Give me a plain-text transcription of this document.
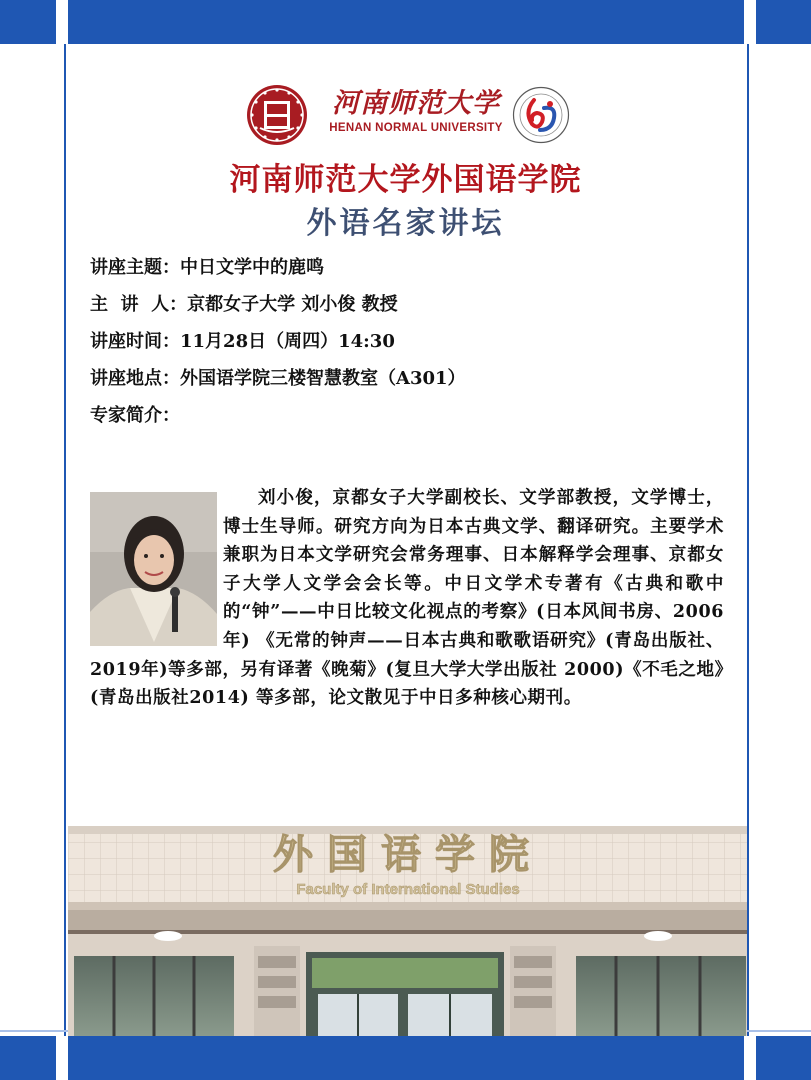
河南师范大学
HENAN NORMAL UNIVERSITY
河南师范大学外国语学院
外语名家讲坛
讲座主题：中日文学中的鹿鸣
主  讲  人：京都女子大学 刘小俊 教授
讲座时间：11月28日（周四）14:30
讲座地点：外国语学院三楼智慧教室（A301）
专家简介：
刘小俊，京都女子大学副校长、文学部教授，文学博士，博士生导师。研究方向为日本古典文学、翻译研究。主要学术兼职为日本文学研究会常务理事、日本解释学会理事、京都女子大学人文学会会长等。中日文学术专著有《古典和歌中的“钟”——中日比较文化视点的考察》(日本风间书房、2006年) 《无常的钟声——日本古典和歌歌语研究》(青岛出版社、2019年)等多部，另有译著《晚菊》(复旦大学大学出版社 2000)《不毛之地》(青岛出版社2014) 等多部，论文散见于中日多种核心期刊。
外国语学院
Faculty of International Studies
